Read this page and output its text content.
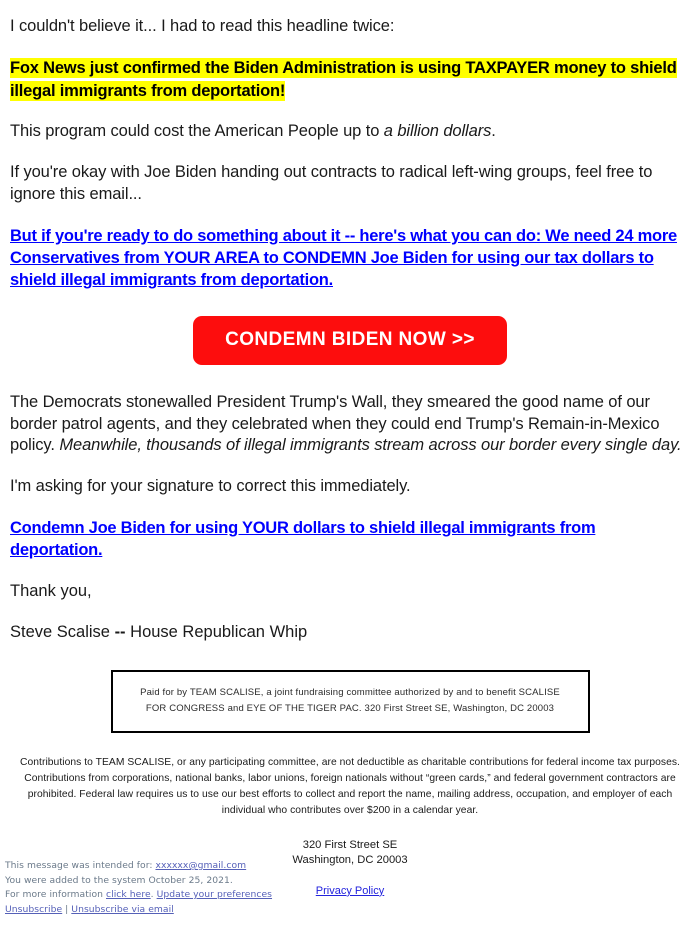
I couldn't believe it... I had to read this headline twice:

Fox News just confirmed the Biden Administration is using TAXPAYER money to shield illegal immigrants from deportation!

This program could cost the American People up to a billion dollars.

If you're okay with Joe Biden handing out contracts to radical left-wing groups, feel free to ignore this email...

But if you're ready to do something about it -- here's what you can do: We need 24 more Conservatives from YOUR AREA to CONDEMN Joe Biden for using our tax dollars to shield illegal immigrants from deportation.
CONDEMN BIDEN NOW >>

The Democrats stonewalled President Trump's Wall, they smeared the good name of our border patrol agents, and they celebrated when they could end Trump's Remain-in-Mexico policy. Meanwhile, thousands of illegal immigrants stream across our border every single day.

I'm asking for your signature to correct this immediately.

Condemn Joe Biden for using YOUR dollars to shield illegal immigrants from deportation.

Thank you,

Steve Scalise -- House Republican Whip

Paid for by TEAM SCALISE, a joint fundraising committee authorized by and to benefit SCALISE
FOR CONGRESS and EYE OF THE TIGER PAC. 320 First Street SE, Washington, DC 20003
Contributions to TEAM SCALISE, or any participating committee, are not deductible as charitable contributions for federal income tax purposes. Contributions from corporations, national banks, labor unions, foreign nationals without “green cards,” and federal government contractors are prohibited. Federal law requires us to use our best efforts to collect and report the name, mailing address, occupation, and employer of each individual who contributes over $200 in a calendar year.
320 First Street SE
Washington, DC 20003
Privacy Policy
This message was intended for: xxxxxx@gmail.com
You were added to the system October 25, 2021.
For more information click here. Update your preferences
Unsubscribe | Unsubscribe via email
